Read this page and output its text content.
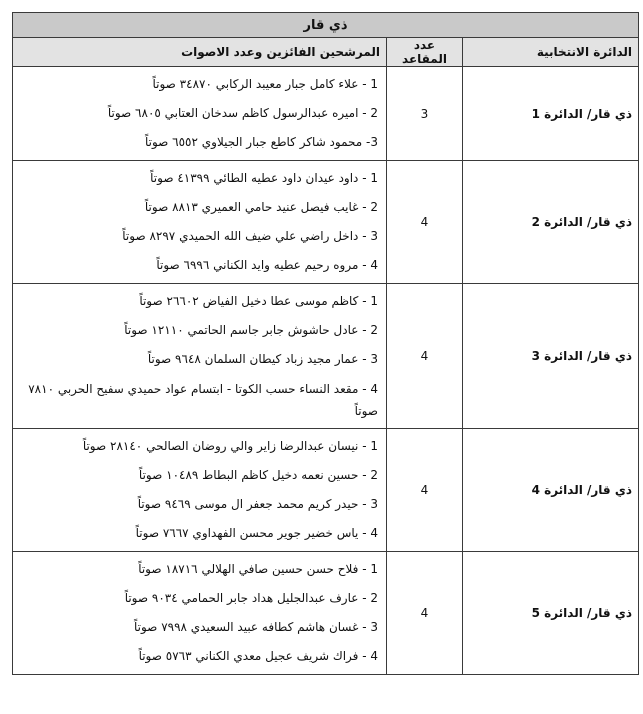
ذي قار		
الدائرة الانتخابية	عدد المقاعد	المرشحين الفائزين وعدد الاصوات
ذي قار/ الدائرة 1	3	1 - علاء كامل جبار معيبد الركابي ٣٤٨٧٠ صوتاً
2 - اميره عبدالرسول كاظم سدخان العتابي ٦٨٠٥ صوتاً
3- محمود شاكر كاطع جبار الجيلاوي ٦٥٥٢ صوتاً

ذي قار/ الدائرة 2	4	1 - داود عيدان داود عطيه الطائي ٤١٣٩٩ صوتاً
2 - غايب فيصل عنيد حامي العميري ٨٨١٣ صوتاً
3 - داخل راضي علي ضيف الله الحميدي ٨٢٩٧ صوتاً
4 - مروه رحيم عطيه وايد الكناني ٦٩٩٦ صوتاً

ذي قار/ الدائرة 3	4	1 - كاظم موسى عطا دخيل الفياض ٢٦٦٠٢ صوتاً
2 - عادل حاشوش جابر جاسم الحاتمي ١٢١١٠ صوتاً
3 - عمار مجيد زباد كيطان السلمان ٩٦٤٨ صوتاً
4 - مقعد النساء حسب الكوتا - ابتسام عواد حميدي سفيح الحربي ٧٨١٠ صوتاً

ذي قار/ الدائرة 4	4	1 - نيسان عبدالرضا زاير والي روضان الصالحي ٢٨١٤٠ صوتاً
2 - حسين نعمه دخيل كاظم البطاط ١٠٤٨٩ صوتاً
3 - حيدر كريم محمد جعفر ال موسى ٩٤٦٩ صوتاً
4 - ياس خضير جوير محسن الفهداوي ٧٦٦٧ صوتاً

ذي قار/ الدائرة 5	4	1 - فلاح حسن حسين صافي الهلالي ١٨٧١٦ صوتاً
2 - عارف عبدالجليل هداد جابر الحمامي ٩٠٣٤ صوتاً
3 - غسان هاشم كطافه عبيد السعيدي ٧٩٩٨ صوتاً
4 - فراك شريف عجيل معدي الكناني ٥٧٦٣ صوتاً
